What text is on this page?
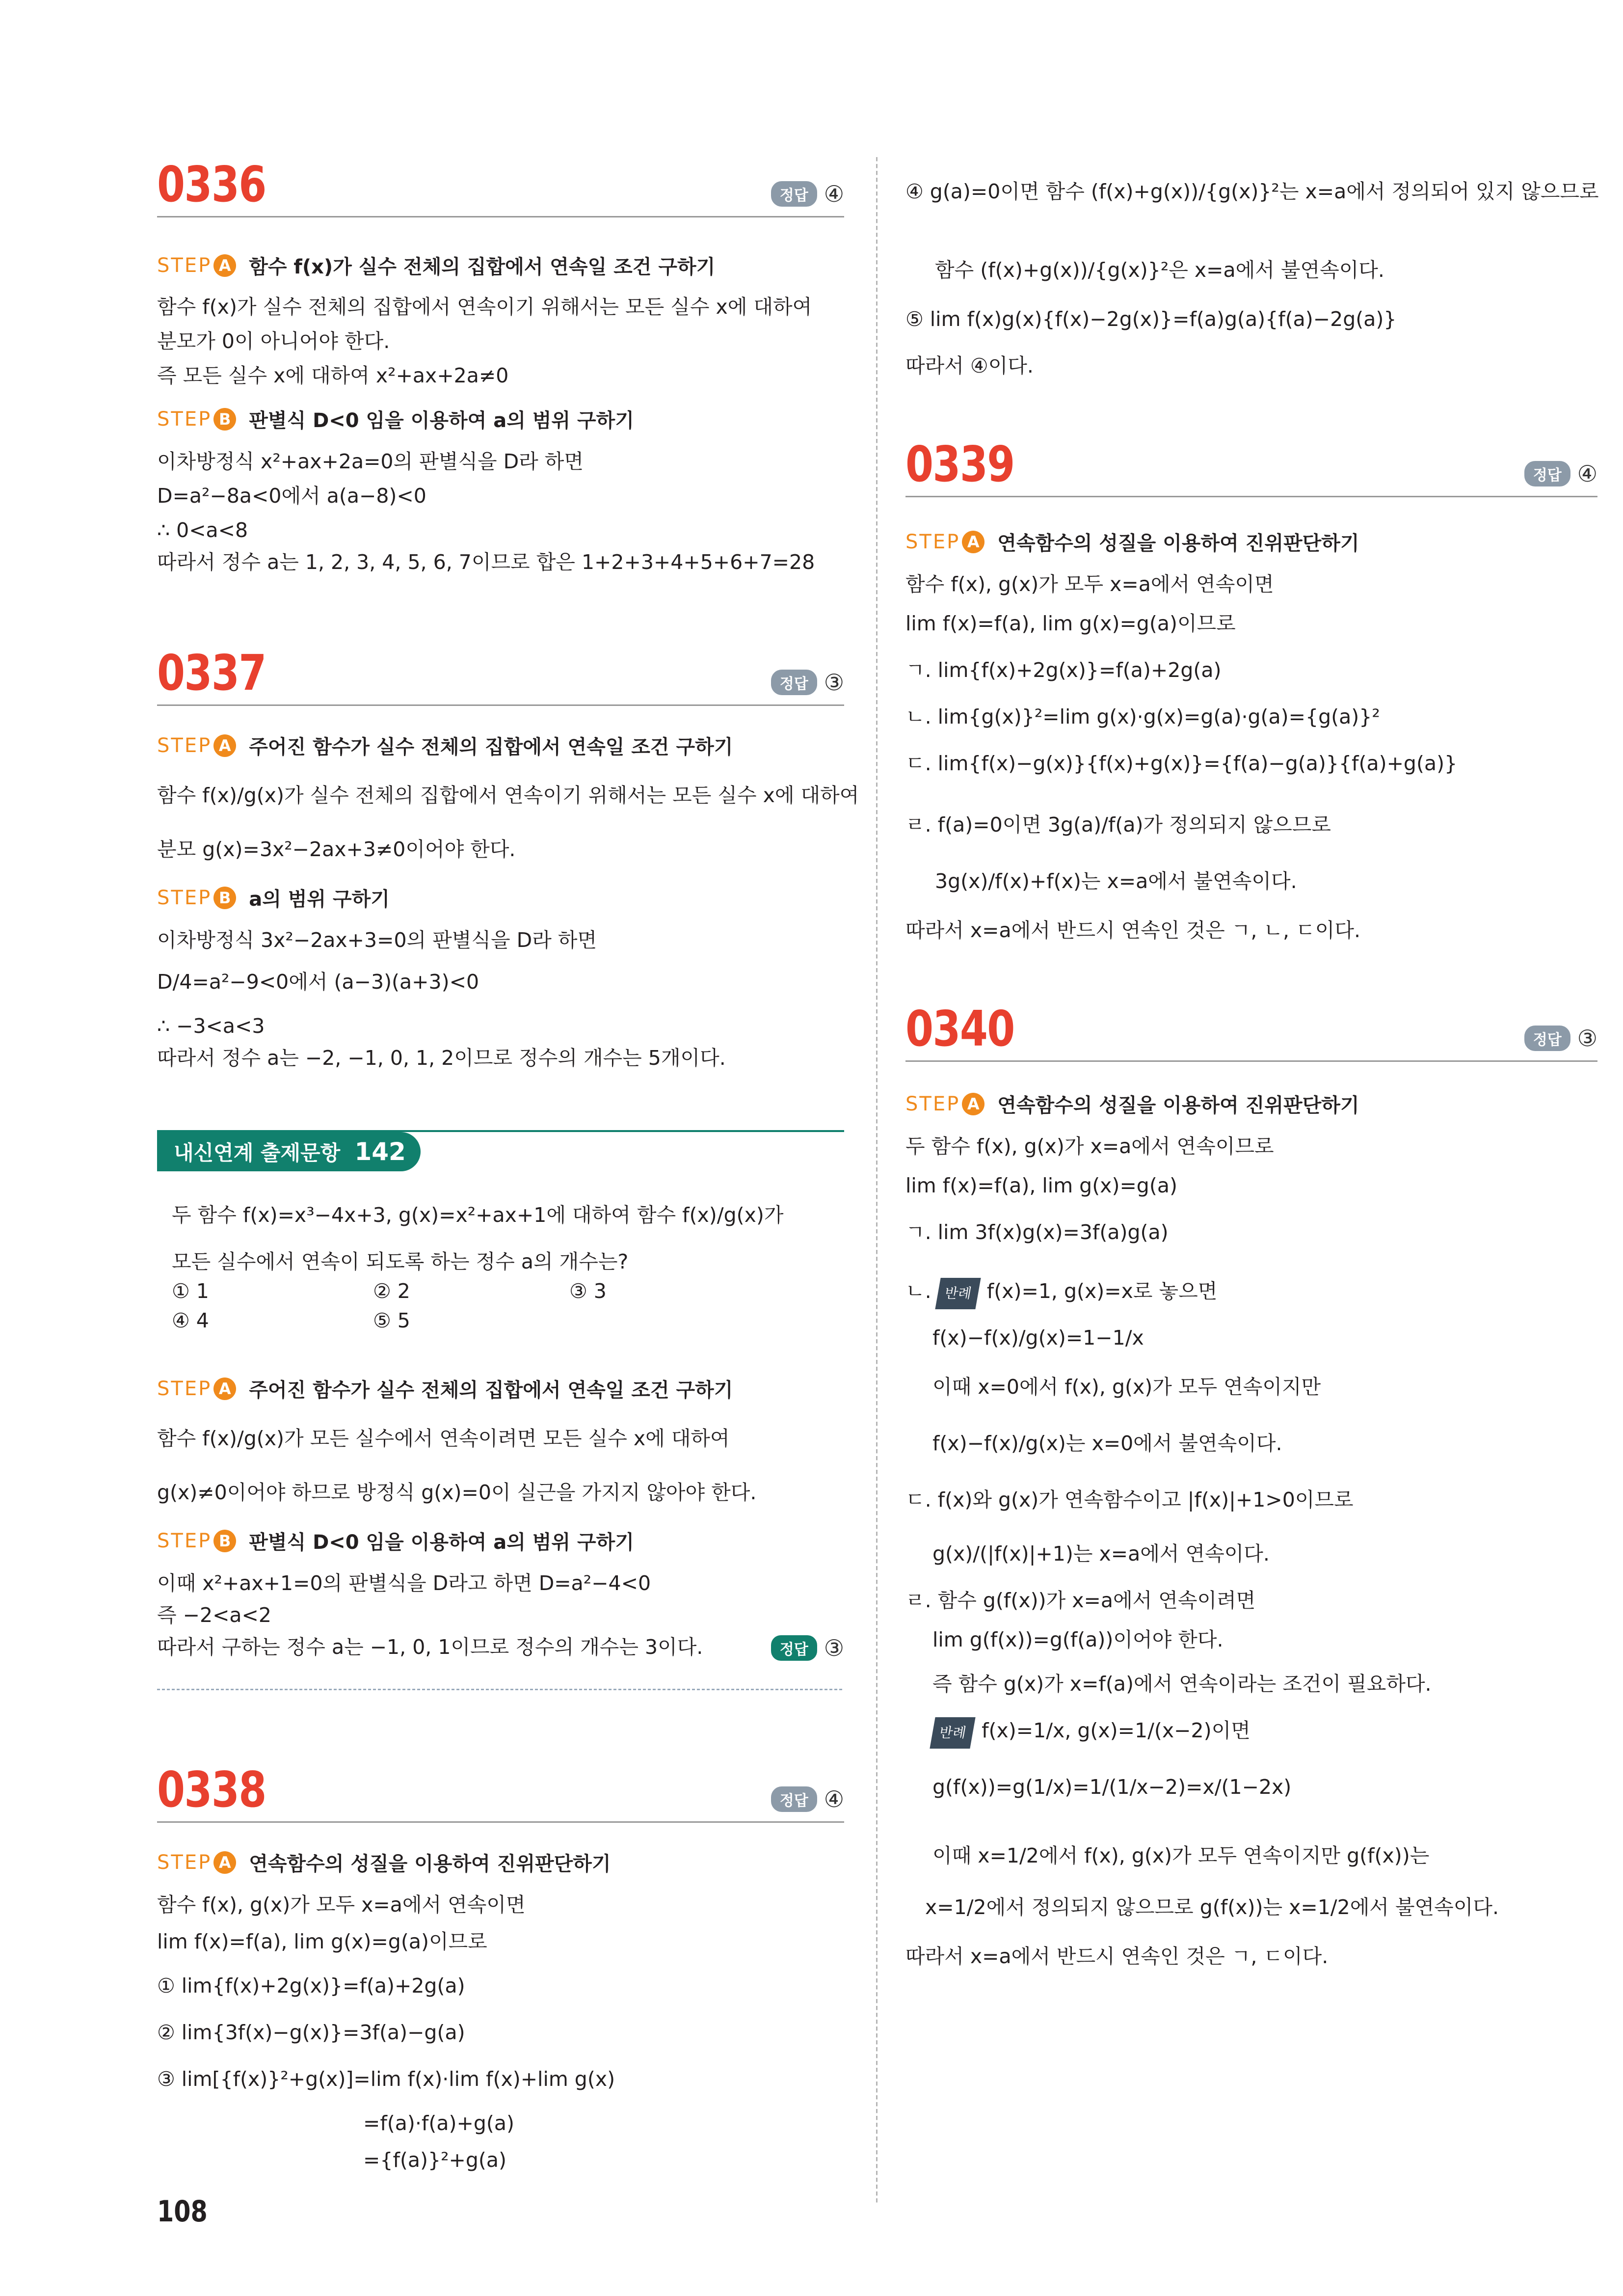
0336	정답 ④
STEP A 함수 f(x)가 실수 전체의 집합에서 연속일 조건 구하기
함수 f(x)가 실수 전체의 집합에서 연속이기 위해서는 모든 실수 x에 대하여
분모가 0이 아니어야 한다.
즉 모든 실수 x에 대하여 x²+ax+2a≠0
STEP B 판별식 D<0 임을 이용하여 a의 범위 구하기
이차방정식 x²+ax+2a=0의 판별식을 D라 하면
D=a²−8a<0에서 a(a−8)<0
∴ 0<a<8
따라서 정수 a는 1, 2, 3, 4, 5, 6, 7이므로 합은 1+2+3+4+5+6+7=28
0337	정답 ③
STEP A 주어진 함수가 실수 전체의 집합에서 연속일 조건 구하기
함수 f(x)/g(x)가 실수 전체의 집합에서 연속이기 위해서는 모든 실수 x에 대하여
분모 g(x)=3x²−2ax+3≠0이어야 한다.
STEP B a의 범위 구하기
이차방정식 3x²−2ax+3=0의 판별식을 D라 하면
D/4=a²−9<0에서 (a−3)(a+3)<0
∴ −3<a<3
따라서 정수 a는 −2, −1, 0, 1, 2이므로 정수의 개수는 5개이다.
내신연계 출제문항
142
두 함수 f(x)=x³−4x+3, g(x)=x²+ax+1에 대하여 함수 f(x)/g(x)가
모든 실수에서 연속이 되도록 하는 정수 a의 개수는?
① 1	② 2	③ 3
④ 4	⑤ 5
STEP A 주어진 함수가 실수 전체의 집합에서 연속일 조건 구하기
함수 f(x)/g(x)가 모든 실수에서 연속이려면 모든 실수 x에 대하여
g(x)≠0이어야 하므로 방정식 g(x)=0이 실근을 가지지 않아야 한다.
STEP B 판별식 D<0 임을 이용하여 a의 범위 구하기
이때 x²+ax+1=0의 판별식을 D라고 하면 D=a²−4<0
즉 −2<a<2
따라서 구하는 정수 a는 −1, 0, 1이므로 정수의 개수는 3이다.	정답 ③
0338	정답 ④
STEP A 연속함수의 성질을 이용하여 진위판단하기
함수 f(x), g(x)가 모두 x=a에서 연속이면
lim f(x)=f(a), lim g(x)=g(a)이므로
① lim{f(x)+2g(x)}=f(a)+2g(a)
② lim{3f(x)−g(x)}=3f(a)−g(a)
③ lim[{f(x)}²+g(x)]=lim f(x)·lim f(x)+lim g(x)
=f(a)·f(a)+g(a)
={f(a)}²+g(a)
108
④ g(a)=0이면 함수 (f(x)+g(x))/{g(x)}²는 x=a에서 정의되어 있지 않으므로
함수 (f(x)+g(x))/{g(x)}²은 x=a에서 불연속이다.
⑤ lim f(x)g(x){f(x)−2g(x)}=f(a)g(a){f(a)−2g(a)}
따라서 ④이다.
0339	정답 ④
STEP A 연속함수의 성질을 이용하여 진위판단하기
함수 f(x), g(x)가 모두 x=a에서 연속이면
lim f(x)=f(a), lim g(x)=g(a)이므로
ㄱ. lim{f(x)+2g(x)}=f(a)+2g(a)
ㄴ. lim{g(x)}²=lim g(x)·g(x)=g(a)·g(a)={g(a)}²
ㄷ. lim{f(x)−g(x)}{f(x)+g(x)}={f(a)−g(a)}{f(a)+g(a)}
ㄹ. f(a)=0이면 3g(a)/f(a)가 정의되지 않으므로
3g(x)/f(x)+f(x)는 x=a에서 불연속이다.
따라서 x=a에서 반드시 연속인 것은 ㄱ, ㄴ, ㄷ이다.
0340	정답 ③
STEP A 연속함수의 성질을 이용하여 진위판단하기
두 함수 f(x), g(x)가 x=a에서 연속이므로
lim f(x)=f(a), lim g(x)=g(a)
ㄱ. lim 3f(x)g(x)=3f(a)g(a)
ㄴ. 반례 f(x)=1, g(x)=x로 놓으면
f(x)−f(x)/g(x)=1−1/x
이때 x=0에서 f(x), g(x)가 모두 연속이지만
f(x)−f(x)/g(x)는 x=0에서 불연속이다.
ㄷ. f(x)와 g(x)가 연속함수이고 |f(x)|+1>0이므로
g(x)/(|f(x)|+1)는 x=a에서 연속이다.
ㄹ. 함수 g(f(x))가 x=a에서 연속이려면
lim g(f(x))=g(f(a))이어야 한다.
즉 함수 g(x)가 x=f(a)에서 연속이라는 조건이 필요하다.
반례 f(x)=1/x, g(x)=1/(x−2)이면
g(f(x))=g(1/x)=1/(1/x−2)=x/(1−2x)
이때 x=1/2에서 f(x), g(x)가 모두 연속이지만 g(f(x))는
x=1/2에서 정의되지 않으므로 g(f(x))는 x=1/2에서 불연속이다.
따라서 x=a에서 반드시 연속인 것은 ㄱ, ㄷ이다.
